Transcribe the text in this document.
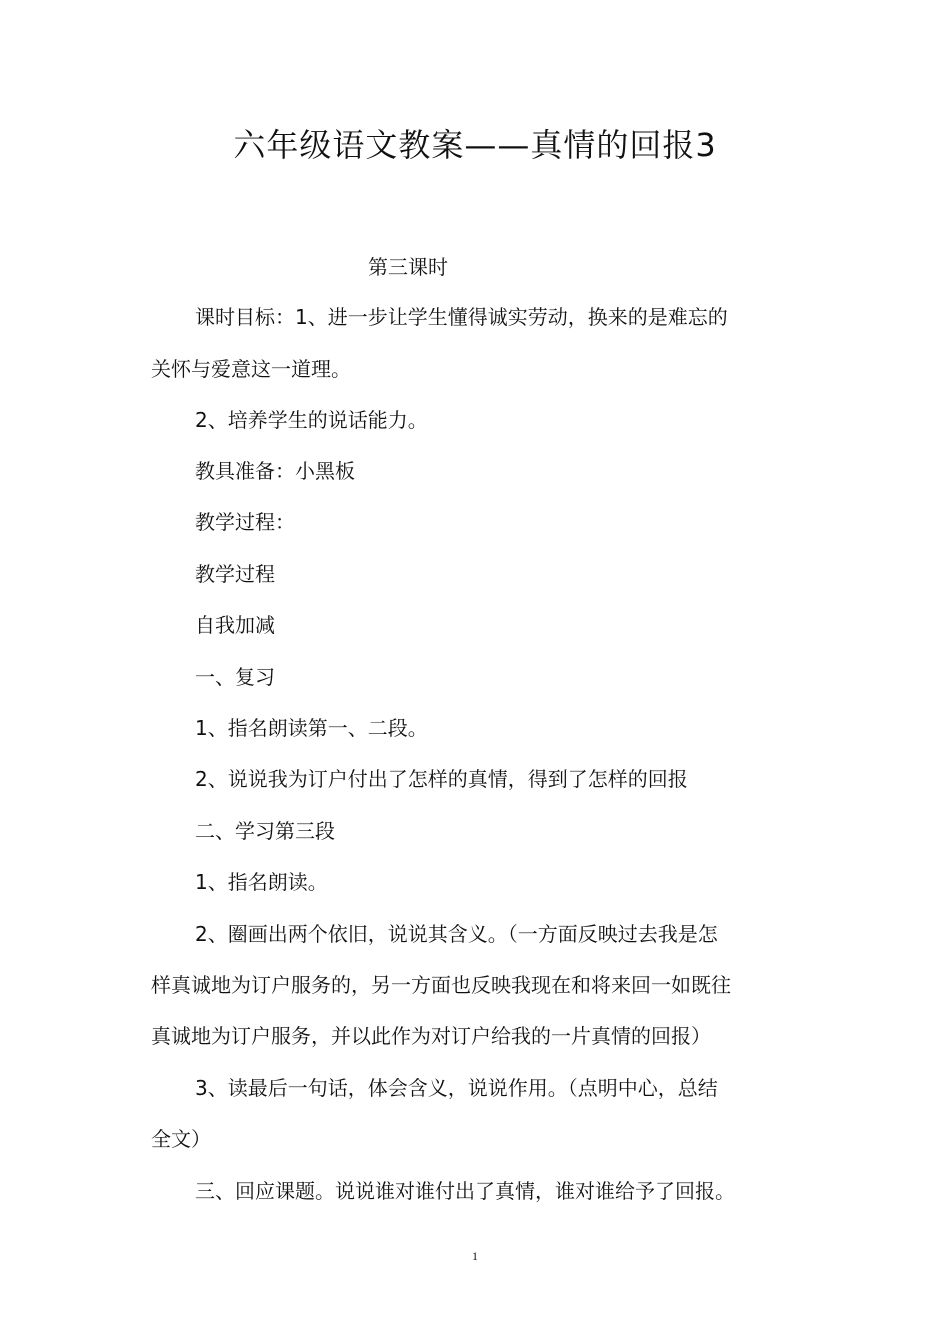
六年级语文教案——真情的回报3
第三课时
课时目标：1、进一步让学生懂得诚实劳动，换来的是难忘的
关怀与爱意这一道理。
2、培养学生的说话能力。
教具准备：小黑板
教学过程：
教学过程
自我加减
一、复习
1、指名朗读第一、二段。
2、说说我为订户付出了怎样的真情，得到了怎样的回报
二、学习第三段
1、指名朗读。
2、圈画出两个依旧，说说其含义。（一方面反映过去我是怎
样真诚地为订户服务的，另一方面也反映我现在和将来回一如既往
真诚地为订户服务，并以此作为对订户给我的一片真情的回报）
3、读最后一句话，体会含义，说说作用。（点明中心，总结
全文）
三、回应课题。说说谁对谁付出了真情，谁对谁给予了回报。
1
